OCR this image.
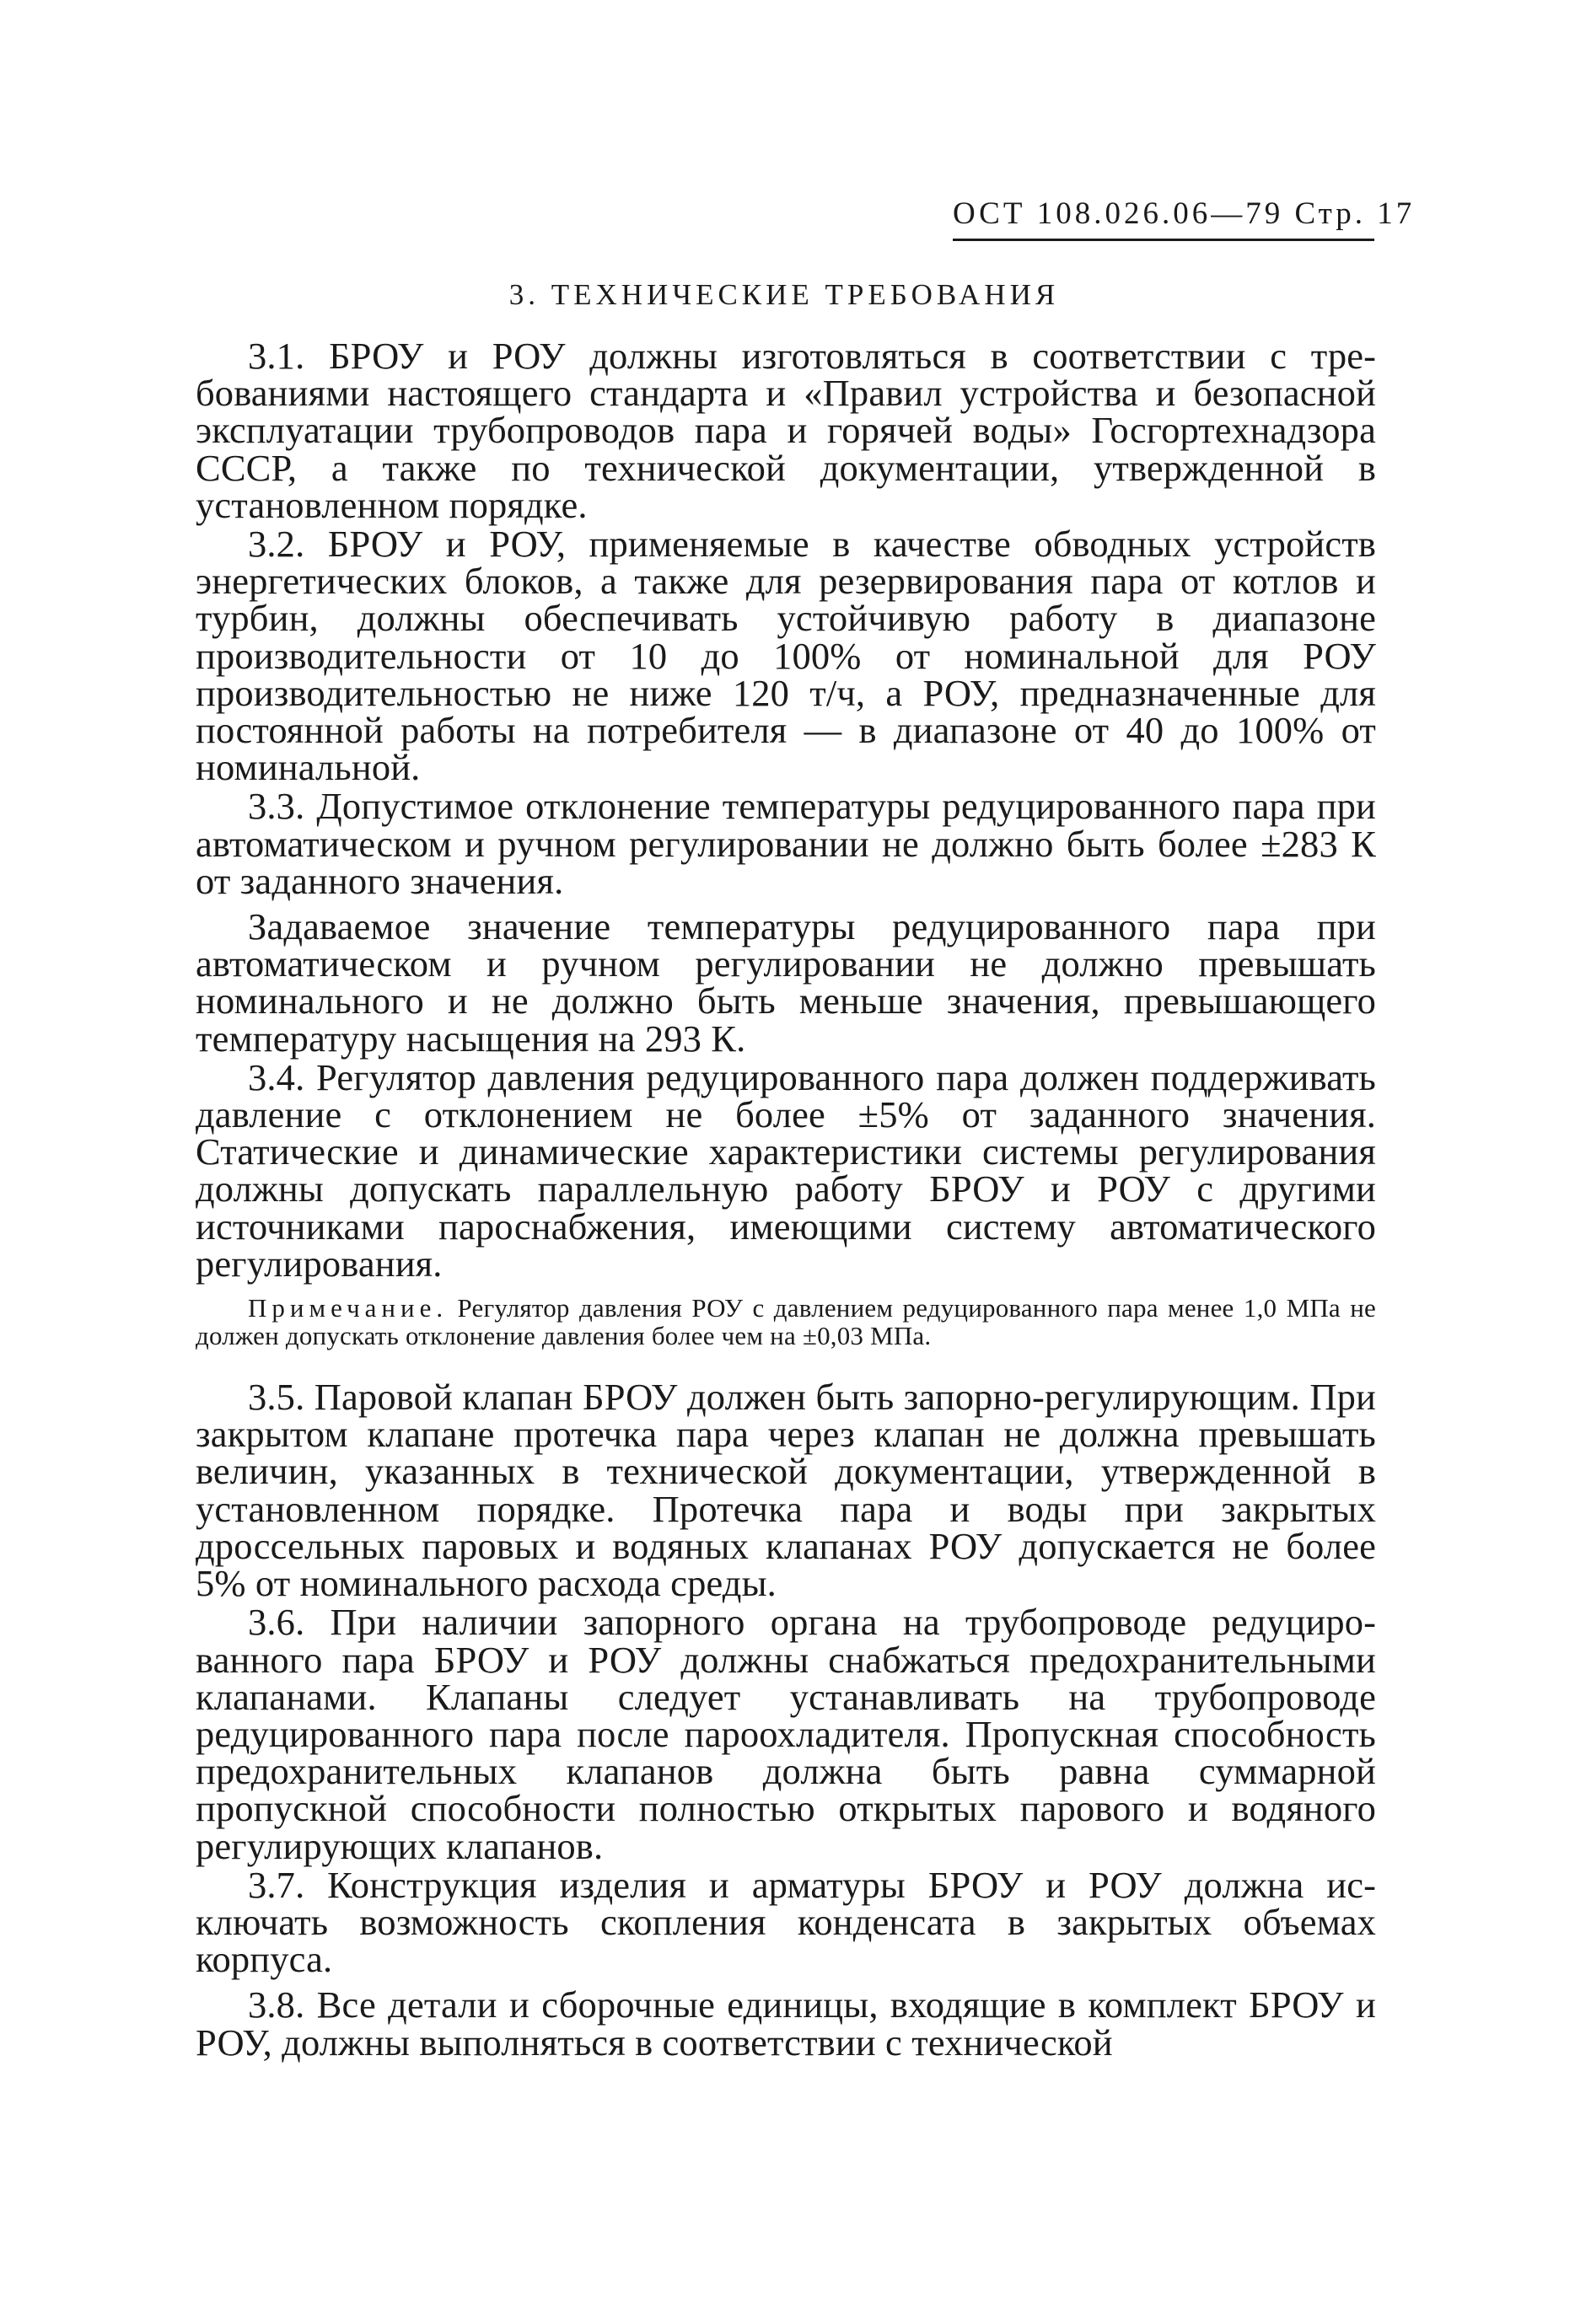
ОСТ 108.026.06—79 Стр. 17
3. ТЕХНИЧЕСКИЕ ТРЕБОВАНИЯ

3.1. БРОУ и РОУ должны изготовляться в соответствии с требованиями настоящего стандарта и «Правил устройства и безопасной эксплуатации трубопроводов пара и горячей воды» Госгортехнадзора СССР, а также по технической документации, утвержденной в установленном порядке.

3.2. БРОУ и РОУ, применяемые в качестве обводных устройств энергетических блоков, а также для резервирования пара от котлов и турбин, должны обеспечивать устойчивую работу в диапазоне производительности от 10 до 100% от номинальной для РОУ производительностью не ниже 120 т/ч, а РОУ, предназначенные для постоянной работы на потребителя — в диапазоне от 40 до 100% от номинальной.

3.3. Допустимое отклонение температуры редуцированного пара при автоматическом и ручном регулировании не должно быть более ±283 К от заданного значения.

Задаваемое значение температуры редуцированного пара при автоматическом и ручном регулировании не должно превышать номинального и не должно быть меньше значения, превышающего температуру насыщения на 293 К.

3.4. Регулятор давления редуцированного пара должен поддерживать давление с отклонением не более ±5% от заданного значения. Статические и динамические характеристики системы регулирования должны допускать параллельную работу БРОУ и РОУ с другими источниками пароснабжения, имеющими систему автоматического регулирования.

Примечание. Регулятор давления РОУ с давлением редуцированного пара менее 1,0 МПа не должен допускать отклонение давления более чем на ±0,03 МПа.

3.5. Паровой клапан БРОУ должен быть запорно-регулирующим. При закрытом клапане протечка пара через клапан не должна превышать величин, указанных в технической документации, утвержденной в установленном порядке. Протечка пара и воды при закрытых дроссельных паровых и водяных клапанах РОУ допускается не более 5% от номинального расхода среды.

3.6. При наличии запорного органа на трубопроводе редуцированного пара БРОУ и РОУ должны снабжаться предохранительными клапанами. Клапаны следует устанавливать на трубопроводе редуцированного пара после пароохладителя. Пропускная способность предохранительных клапанов должна быть равна суммарной пропускной способности полностью открытых парового и водяного регулирующих клапанов.

3.7. Конструкция изделия и арматуры БРОУ и РОУ должна исключать возможность скопления конденсата в закрытых объемах корпуса.

3.8. Все детали и сборочные единицы, входящие в комплект БРОУ и РОУ, должны выполняться в соответствии с технической
